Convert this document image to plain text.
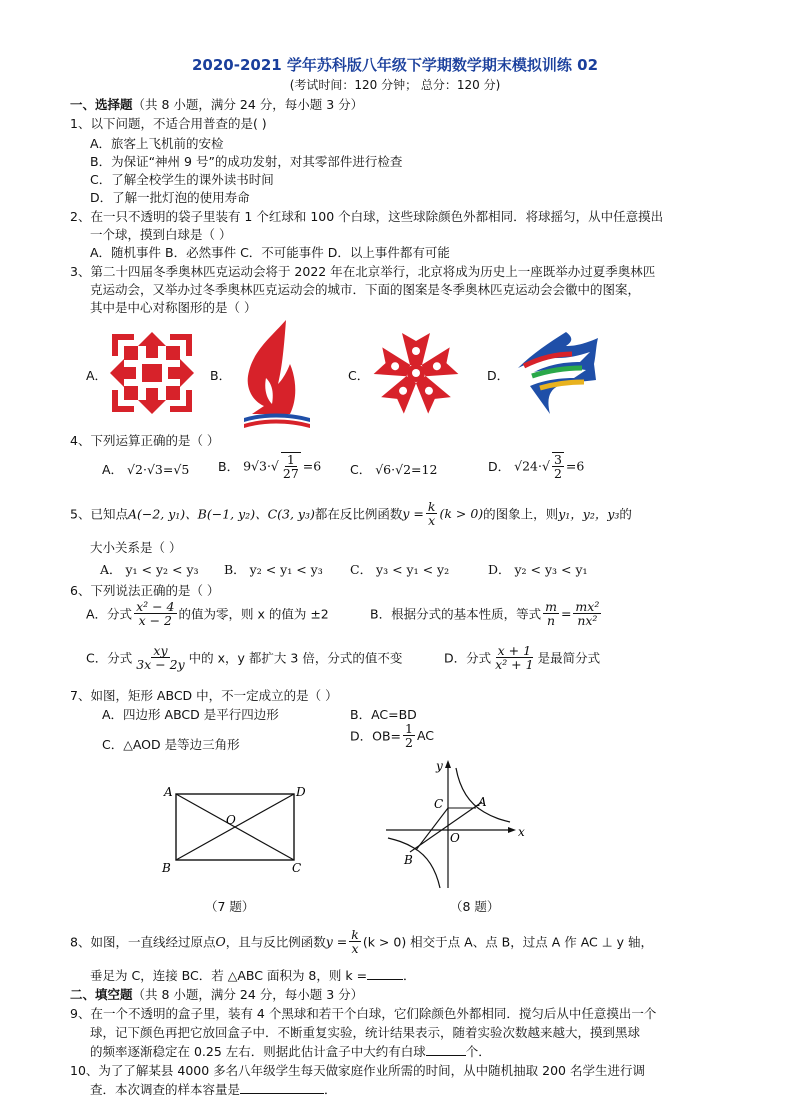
2020-2021 学年苏科版八年级下学期数学期末模拟训练 02
(考试时间：120 分钟； 总分：120 分)
一、选择题（共 8 小题，满分 24 分，每小题 3 分）
1、以下问题，不适合用普查的是( )
A．旅客上飞机前的安检
B．为保证“神州 9 号”的成功发射，对其零部件进行检查
C．了解全校学生的课外读书时间
D．了解一批灯泡的使用寿命
2、在一只不透明的袋子里装有 1 个红球和 100 个白球，这些球除颜色外都相同．将球摇匀，从中任意摸出
一个球，摸到白球是（ ）
A．随机事件 B．必然事件 C．不可能事件 D．以上事件都有可能
3、第二十四届冬季奥林匹克运动会将于 2022 年在北京举行，北京将成为历史上一座既举办过夏季奥林匹
克运动会，又举办过冬季奥林匹克运动会的城市．下面的图案是冬季奥林匹克运动会会徽中的图案，
其中是中心对称图形的是（ ）
A．	B．	C．	D．
4、下列运算正确的是（ ）
A． √2·√3=√5 B． $9√3\cdot√ \frac{1}{27} =6$ C． √6·√2=12	D． $√24\cdot√ \frac{3}{2} =6$
5、已知点A(−2, y₁)、B(−1, y₂)、C(3, y₃)都在反比例函数$y = \frac{k}{x} (k > 0)$的图象上，则y₁，y₂，y₃的
大小关系是（ ）
A． y₁ < y₂ < y₃ B． y₂ < y₁ < y₃ C． y₃ < y₁ < y₂	D． y₂ < y₃ < y₁
6、下列说法正确的是（ ）
A．分式 $\frac{\text{x² − 4}}{x - 2}$ 的值为零，则 x 的值为 ±2	B．根据分式的基本性质，等式 $\frac{m}{n} = \frac{\text{mx²}}{\text{nx²}}$
C．分式 $\frac{xy}{3x - 2y}$ 中的 x，y 都扩大 3 倍，分式的值不变	D．分式 $\frac{x + 1}{\text{x² + 1}}$ 是最简分式
7、如图，矩形 ABCD 中，不一定成立的是（ ）
A．四边形 ABCD 是平行四边形	B．AC=BD
C．△AOD 是等边三角形
D．$OB= \frac{1}{2}$ AC
A	D
B	C
O
（7 题）
x
y
A
C
O
B
（8 题）
8、如图，一直线经过原点O，且与反比例函数$y = \frac{k}{x} (k > 0)$ 相交于点 A、点 B，过点 A 作 AC ⊥ y 轴，
垂足为 C，连接 BC．若 △ABC 面积为 8，则 k =	．
二、填空题（共 8 小题，满分 24 分，每小题 3 分）
9、在一个不透明的盒子里，装有 4 个黑球和若干个白球，它们除颜色外都相同．搅匀后从中任意摸出一个
球，记下颜色再把它放回盒子中．不断重复实验，统计结果表示，随着实验次数越来越大，摸到黑球
的频率逐渐稳定在 0.25 左右．则据此估计盒子中大约有白球	个．
10、为了了解某县 4000 多名八年级学生每天做家庭作业所需的时间，从中随机抽取 200 名学生进行调
查．本次调查的样本容量是	．
